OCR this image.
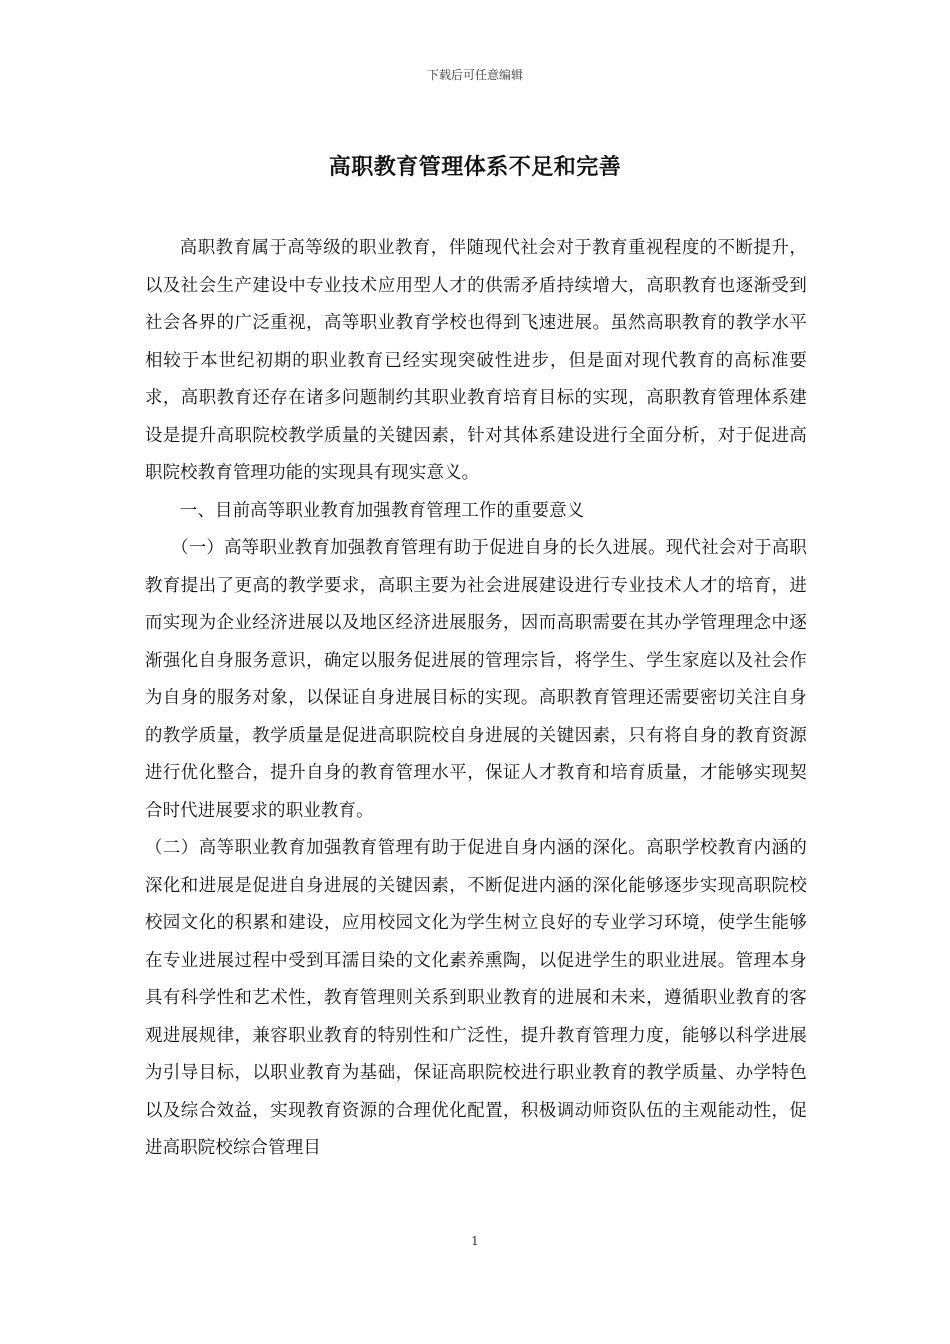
下载后可任意编辑
高职教育管理体系不足和完善

高职教育属于高等级的职业教育，伴随现代社会对于教育重视程度的不断提升，以及社会生产建设中专业技术应用型人才的供需矛盾持续增大，高职教育也逐渐受到社会各界的广泛重视，高等职业教育学校也得到飞速进展。虽然高职教育的教学水平相较于本世纪初期的职业教育已经实现突破性进步，但是面对现代教育的高标准要求，高职教育还存在诸多问题制约其职业教育培育目标的实现，高职教育管理体系建设是提升高职院校教学质量的关键因素，针对其体系建设进行全面分析，对于促进高职院校教育管理功能的实现具有现实意义。

一、目前高等职业教育加强教育管理工作的重要意义

（一）高等职业教育加强教育管理有助于促进自身的长久进展。现代社会对于高职教育提出了更高的教学要求，高职主要为社会进展建设进行专业技术人才的培育，进而实现为企业经济进展以及地区经济进展服务，因而高职需要在其办学管理理念中逐渐强化自身服务意识，确定以服务促进展的管理宗旨，将学生、学生家庭以及社会作为自身的服务对象，以保证自身进展目标的实现。高职教育管理还需要密切关注自身的教学质量，教学质量是促进高职院校自身进展的关键因素，只有将自身的教育资源进行优化整合，提升自身的教育管理水平，保证人才教育和培育质量，才能够实现契合时代进展要求的职业教育。

（二）高等职业教育加强教育管理有助于促进自身内涵的深化。高职学校教育内涵的深化和进展是促进自身进展的关键因素，不断促进内涵的深化能够逐步实现高职院校校园文化的积累和建设，应用校园文化为学生树立良好的专业学习环境，使学生能够在专业进展过程中受到耳濡目染的文化素养熏陶，以促进学生的职业进展。管理本身具有科学性和艺术性，教育管理则关系到职业教育的进展和未来，遵循职业教育的客观进展规律，兼容职业教育的特别性和广泛性，提升教育管理力度，能够以科学进展为引导目标，以职业教育为基础，保证高职院校进行职业教育的教学质量、办学特色以及综合效益，实现教育资源的合理优化配置，积极调动师资队伍的主观能动性，促进高职院校综合管理目

1
